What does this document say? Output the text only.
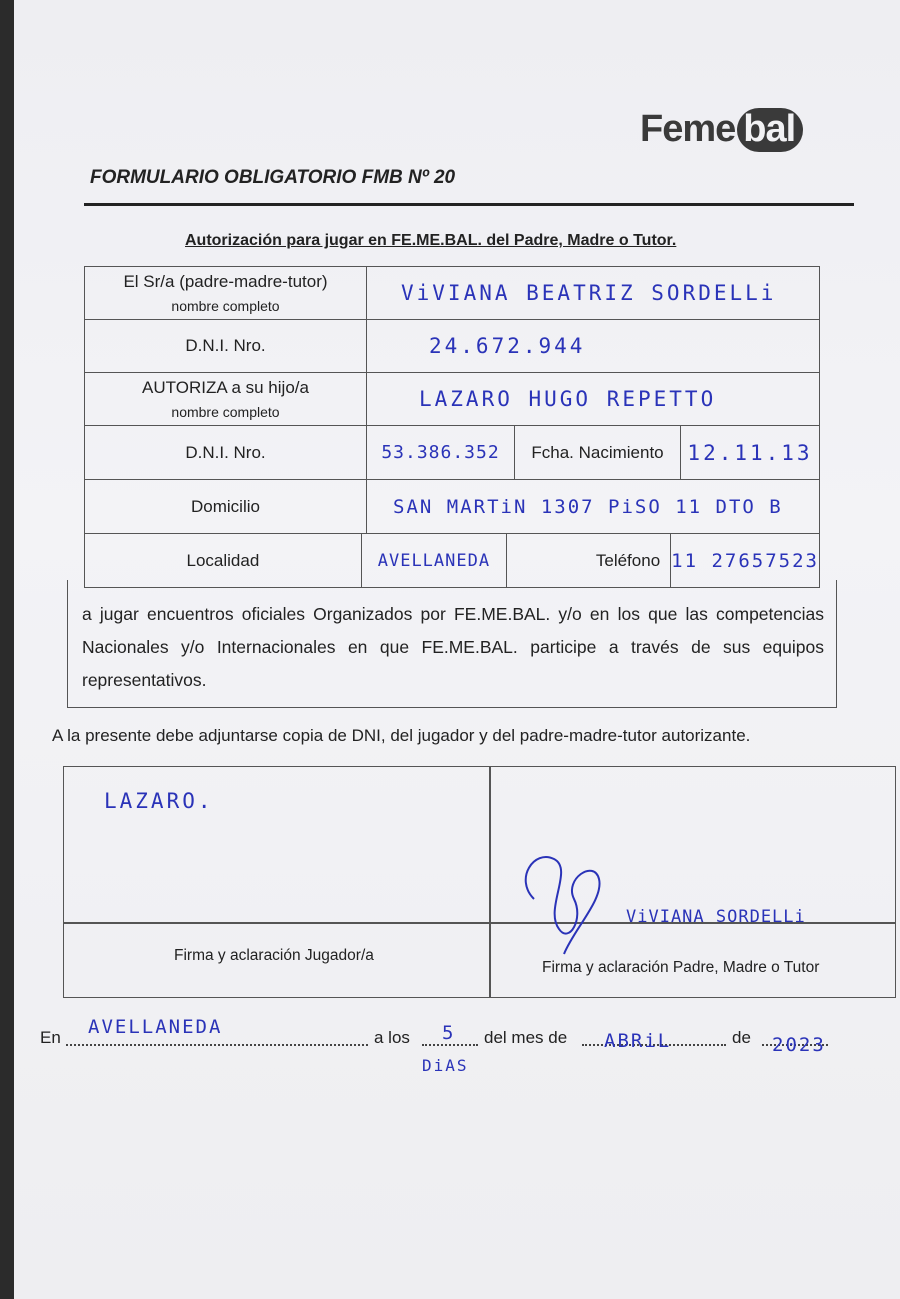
Feme bal
FORMULARIO OBLIGATORIO FMB Nº 20
Autorización para jugar en FE.ME.BAL. del Padre, Madre o Tutor.
El Sr/a (padre-madre-tutor)
nombre completo
ViVIANA BEATRIZ SORDELLi
D.N.I. Nro.	24.672.944
AUTORIZA a su hijo/a
nombre completo
LAZARO HUGO REPETTO
D.N.I. Nro.	53.386.352	Fcha. Nacimiento	12.11.13
Domicilio	SAN MARTiN 1307 PiSO 11 DTO B
Localidad	AVELLANEDA	Teléfono 11 27657523
a jugar encuentros oficiales Organizados por FE.ME.BAL. y/o en los que las competencias Nacionales y/o Internacionales en que FE.ME.BAL. participe a través de sus equipos representativos.
A la presente debe adjuntarse copia de DNI, del jugador y del padre-madre-tutor autorizante.
LAZARO.
ViVIANA SORDELLi
Firma y aclaración Jugador/a
Firma y aclaración Padre, Madre o Tutor
En AVELLANEDA	a los 5
DiAS
del mes de ABRiL	de 2023
